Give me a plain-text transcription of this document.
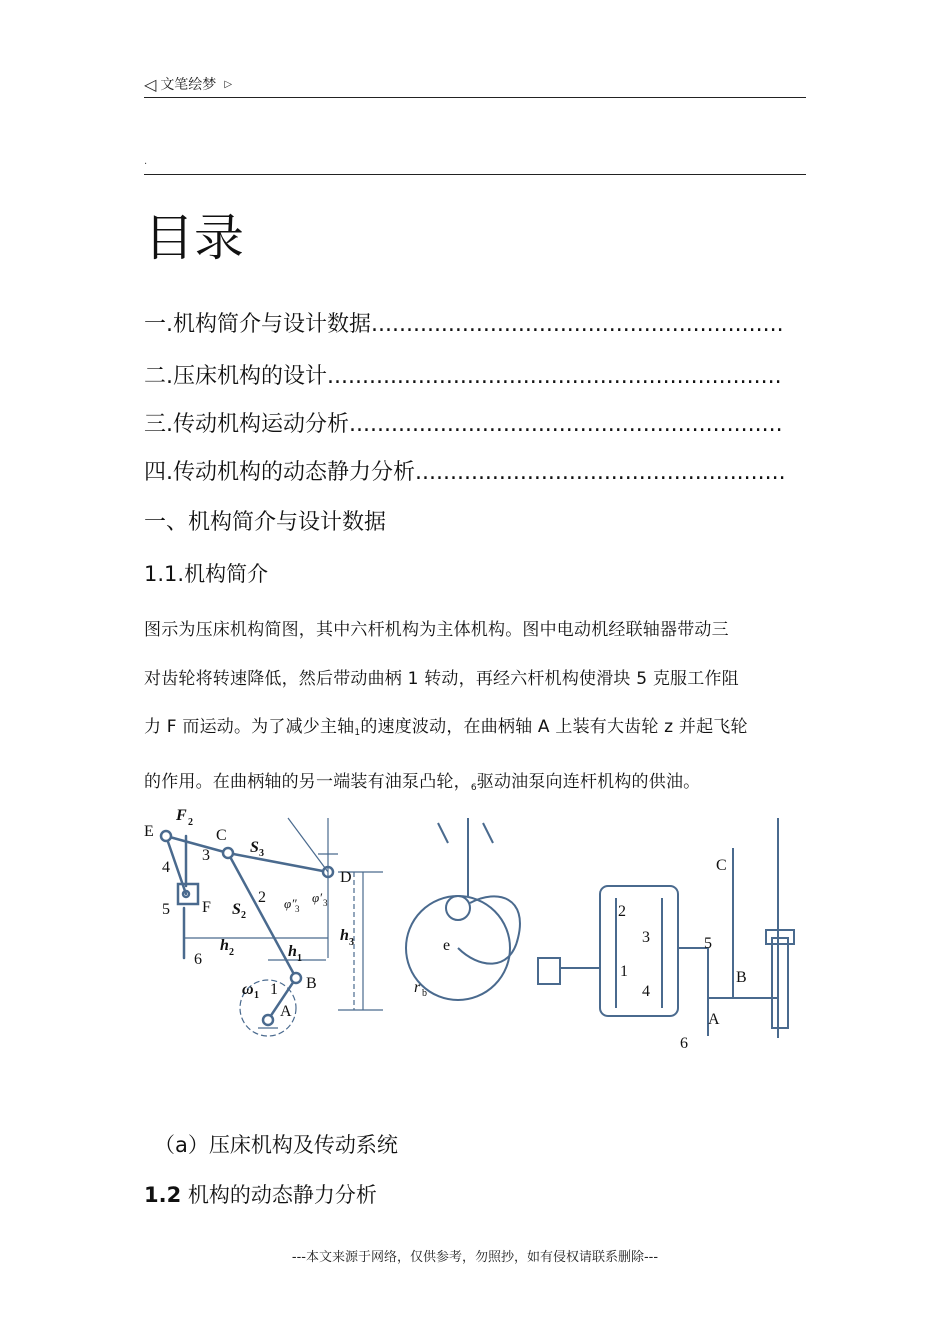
◁ 文笔绘梦 ▷
.
目录
一.机构简介与设计数据...........................................................
二.压床机构的设计.................................................................
三.传动机构运动分析..............................................................
四.传动机构的动态静力分析.....................................................
一、机构简介与设计数据
1.1.机构简介

图示为压床机构简图，其中六杆机构为主体机构。图中电动机经联轴器带动三

对齿轮将转速降低，然后带动曲柄 1 转动，再经六杆机构使滑块 5 克服工作阻

力 F 而运动。为了减少主轴$_1$的速度波动，在曲柄轴 A 上装有大齿轮 z 并起飞轮

的作用。在曲柄轴的另一端装有油泵凸轮，$_6$驱动油泵向连杆机构的供油。

E
F 2
C
S 3
D
4
3
5 F
2
S 2
6
h 2	h 1
h 3
B
A
ω 1 1
φ″
3
φ′ 3
e
r b
2
3
1
4
5
C
B
A
6
（a）压床机构及传动系统
1.2 机构的动态静力分析
---本文来源于网络，仅供参考，勿照抄，如有侵权请联系删除---
